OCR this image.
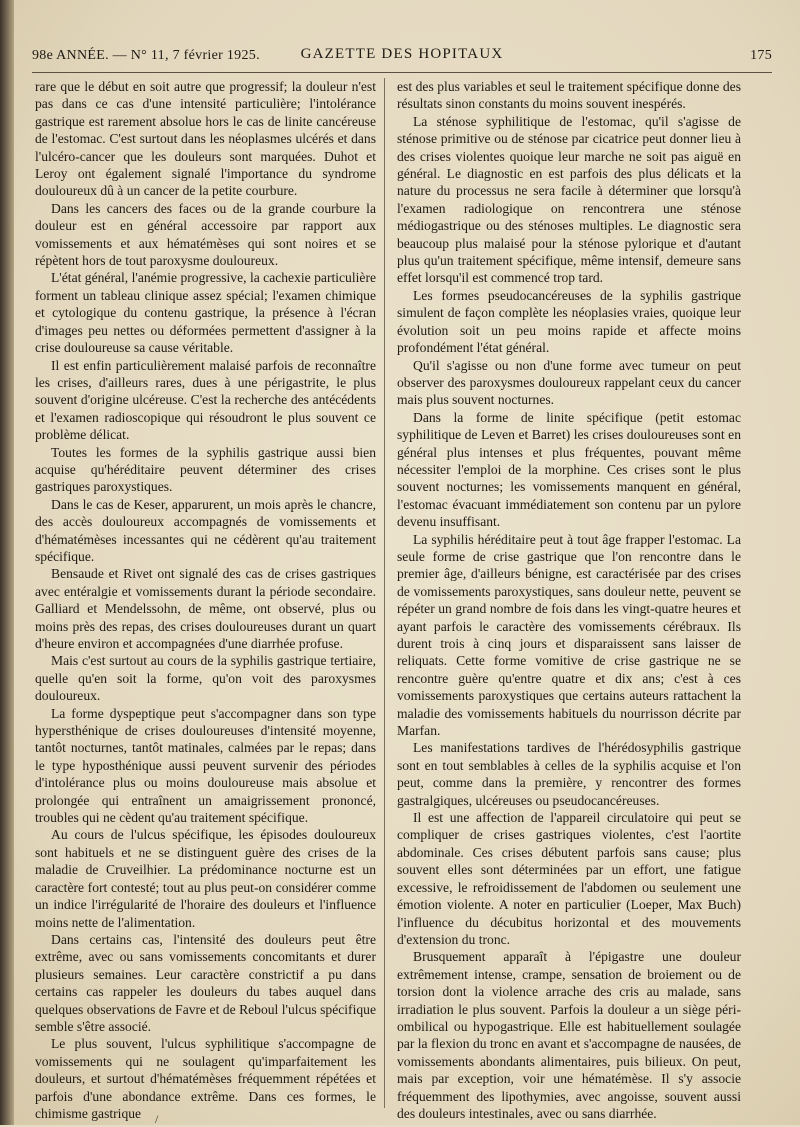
98e ANNÉE. — N° 11, 7 février 1925.	GAZETTE DES HOPITAUX	175

rare que le début en soit autre que progressif; la douleur n'est pas dans ce cas d'une intensité particulière; l'intolérance gastrique est rarement absolue hors le cas de linite cancéreuse de l'estomac. C'est surtout dans les néoplasmes ulcérés et dans l'ulcéro-cancer que les douleurs sont marquées. Duhot et Leroy ont également signalé l'importance du syndrome douloureux dû à un cancer de la petite courbure.

Dans les cancers des faces ou de la grande courbure la douleur est en général accessoire par rapport aux vomissements et aux hématémèses qui sont noires et se répètent hors de tout paroxysme douloureux.

L'état général, l'anémie progressive, la cachexie particulière forment un tableau clinique assez spécial; l'examen chimique et cytologique du contenu gastrique, la présence à l'écran d'images peu nettes ou déformées permettent d'assigner à la crise douloureuse sa cause véritable.

Il est enfin particulièrement malaisé parfois de reconnaître les crises, d'ailleurs rares, dues à une périgastrite, le plus souvent d'origine ulcéreuse. C'est la recherche des antécédents et l'examen radioscopique qui résoudront le plus souvent ce problème délicat.

Toutes les formes de la syphilis gastrique aussi bien acquise qu'héréditaire peuvent déterminer des crises gastriques paroxystiques.

Dans le cas de Keser, apparurent, un mois après le chancre, des accès douloureux accompagnés de vomissements et d'hématémèses incessantes qui ne cédèrent qu'au traitement spécifique.

Bensaude et Rivet ont signalé des cas de crises gastriques avec entéralgie et vomissements durant la période secondaire. Galliard et Mendelssohn, de même, ont observé, plus ou moins près des repas, des crises douloureuses durant un quart d'heure environ et accompagnées d'une diarrhée profuse.

Mais c'est surtout au cours de la syphilis gastrique tertiaire, quelle qu'en soit la forme, qu'on voit des paroxysmes douloureux.

La forme dyspeptique peut s'accompagner dans son type hypersthénique de crises douloureuses d'intensité moyenne, tantôt nocturnes, tantôt matinales, calmées par le repas; dans le type hyposthénique aussi peuvent survenir des périodes d'intolérance plus ou moins douloureuse mais absolue et prolongée qui entraînent un amaigrissement prononcé, troubles qui ne cèdent qu'au traitement spécifique.

Au cours de l'ulcus spécifique, les épisodes douloureux sont habituels et ne se distinguent guère des crises de la maladie de Cruveilhier. La prédominance nocturne est un caractère fort contesté; tout au plus peut-on considérer comme un indice l'irrégularité de l'horaire des douleurs et l'influence moins nette de l'alimentation.

Dans certains cas, l'intensité des douleurs peut être extrême, avec ou sans vomissements concomitants et durer plusieurs semaines. Leur caractère constrictif a pu dans certains cas rappeler les douleurs du tabes auquel dans quelques observations de Favre et de Reboul l'ulcus spécifique semble s'être associé.

Le plus souvent, l'ulcus syphilitique s'accompagne de vomissements qui ne soulagent qu'imparfaitement les douleurs, et surtout d'hématémèses fréquemment répétées et parfois d'une abondance extrême. Dans ces formes, le chimisme gastrique

est des plus variables et seul le traitement spécifique donne des résultats sinon constants du moins souvent inespérés.

La sténose syphilitique de l'estomac, qu'il s'agisse de sténose primitive ou de sténose par cicatrice peut donner lieu à des crises violentes quoique leur marche ne soit pas aiguë en général. Le diagnostic en est parfois des plus délicats et la nature du processus ne sera facile à déterminer que lorsqu'à l'examen radiologique on rencontrera une sténose médiogastrique ou des sténoses multiples. Le diagnostic sera beaucoup plus malaisé pour la sténose pylorique et d'autant plus qu'un traitement spécifique, même intensif, demeure sans effet lorsqu'il est commencé trop tard.

Les formes pseudocancéreuses de la syphilis gastrique simulent de façon complète les néoplasies vraies, quoique leur évolution soit un peu moins rapide et affecte moins profondément l'état général.

Qu'il s'agisse ou non d'une forme avec tumeur on peut observer des paroxysmes douloureux rappelant ceux du cancer mais plus souvent nocturnes.

Dans la forme de linite spécifique (petit estomac syphilitique de Leven et Barret) les crises douloureuses sont en général plus intenses et plus fréquentes, pouvant même nécessiter l'emploi de la morphine. Ces crises sont le plus souvent nocturnes; les vomissements manquent en général, l'estomac évacuant immédiatement son contenu par un pylore devenu insuffisant.

La syphilis héréditaire peut à tout âge frapper l'estomac. La seule forme de crise gastrique que l'on rencontre dans le premier âge, d'ailleurs bénigne, est caractérisée par des crises de vomissements paroxystiques, sans douleur nette, peuvent se répéter un grand nombre de fois dans les vingt-quatre heures et ayant parfois le caractère des vomissements cérébraux. Ils durent trois à cinq jours et disparaissent sans laisser de reliquats. Cette forme vomitive de crise gastrique ne se rencontre guère qu'entre quatre et dix ans; c'est à ces vomissements paroxystiques que certains auteurs rattachent la maladie des vomissements habituels du nourrisson décrite par Marfan.

Les manifestations tardives de l'hérédosyphilis gastrique sont en tout semblables à celles de la syphilis acquise et l'on peut, comme dans la première, y rencontrer des formes gastralgiques, ulcéreuses ou pseudocancéreuses.

Il est une affection de l'appareil circulatoire qui peut se compliquer de crises gastriques violentes, c'est l'aortite abdominale. Ces crises débutent parfois sans cause; plus souvent elles sont déterminées par un effort, une fatigue excessive, le refroidissement de l'abdomen ou seulement une émotion violente. A noter en particulier (Loeper, Max Buch) l'influence du décubitus horizontal et des mouvements d'extension du tronc.

Brusquement apparaît à l'épigastre une douleur extrêmement intense, crampe, sensation de broiement ou de torsion dont la violence arrache des cris au malade, sans irradiation le plus souvent. Parfois la douleur a un siège péri-ombilical ou hypogastrique. Elle est habituellement soulagée par la flexion du tronc en avant et s'accompagne de nausées, de vomissements abondants alimentaires, puis bilieux. On peut, mais par exception, voir une hématémèse. Il s'y associe fréquemment des lipothymies, avec angoisse, souvent aussi des douleurs intestinales, avec ou sans diarrhée.

/
